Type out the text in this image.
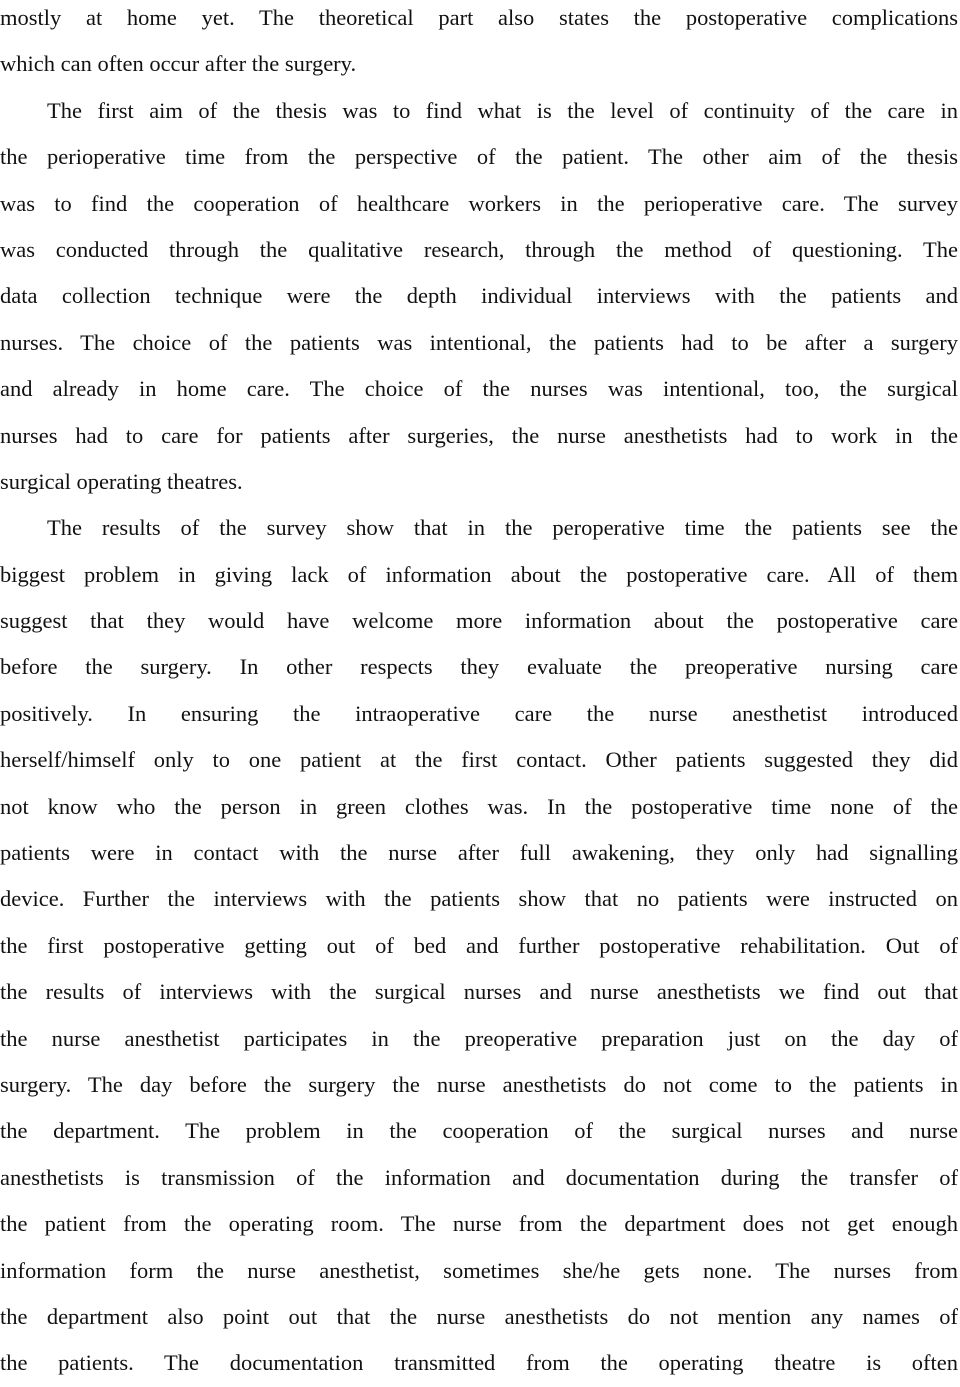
mostly at home yet. The theoretical part also states the postoperative complications
which can often occur after the surgery.
The first aim of the thesis was to find what is the level of continuity of the care in
the perioperative time from the perspective of the patient. The other aim of the thesis
was to find the cooperation of healthcare workers in the perioperative care. The survey
was conducted through the qualitative research, through the method of questioning. The
data collection technique were the depth individual interviews with the patients and
nurses. The choice of the patients was intentional, the patients had to be after a surgery
and already in home care. The choice of the nurses was intentional, too, the surgical
nurses had to care for patients after surgeries, the nurse anesthetists had to work in the
surgical operating theatres.
The results of the survey show that in the peroperative time the patients see the
biggest problem in giving lack of information about the postoperative care. All of them
suggest that they would have welcome more information about the postoperative care
before the surgery. In other respects they evaluate the preoperative nursing care
positively. In ensuring the intraoperative care the nurse anesthetist introduced
herself/himself only to one patient at the first contact. Other patients suggested they did
not know who the person in green clothes was. In the postoperative time none of the
patients were in contact with the nurse after full awakening, they only had signalling
device. Further the interviews with the patients show that no patients were instructed on
the first postoperative getting out of bed and further postoperative rehabilitation. Out of
the results of interviews with the surgical nurses and nurse anesthetists we find out that
the nurse anesthetist participates in the preoperative preparation just on the day of
surgery. The day before the surgery the nurse anesthetists do not come to the patients in
the department. The problem in the cooperation of the surgical nurses and nurse
anesthetists is transmission of the information and documentation during the transfer of
the patient from the operating room. The nurse from the department does not get enough
information form the nurse anesthetist, sometimes she/he gets none. The nurses from
the department also point out that the nurse anesthetists do not mention any names of
the patients. The documentation transmitted from the operating theatre is often
